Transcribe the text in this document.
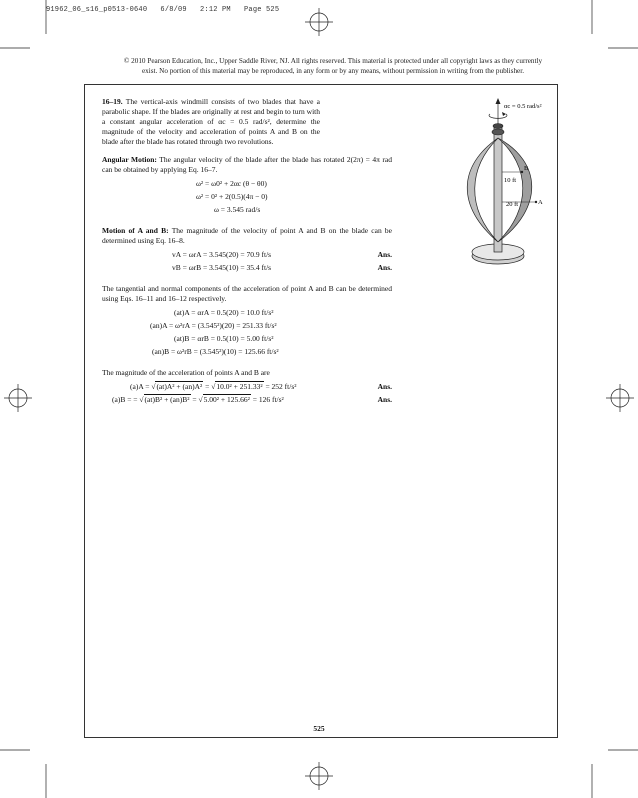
91962_06_s16_p0513-0640   6/8/09   2:12 PM   Page 525
© 2010 Pearson Education, Inc., Upper Saddle River, NJ. All rights reserved. This material is protected under all copyright laws as they currently
exist. No portion of this material may be reproduced, in any form or by any means, without permission in writing from the publisher.

16–19. The vertical-axis windmill consists of two blades that have a parabolic shape. If the blades are originally at rest and begin to turn with a constant angular acceleration of αc = 0.5 rad/s², determine the magnitude of the velocity and acceleration of points A and B on the blade after the blade has rotated through two revolutions.

Angular Motion: The angular velocity of the blade after the blade has rotated 2(2π) = 4π rad can be obtained by applying Eq. 16–7.

ω² = ω0² + 2αc (θ − θ0)
ω² = 0² + 2(0.5)(4π − 0)
ω = 3.545 rad/s

Motion of A and B: The magnitude of the velocity of point A and B on the blade can be determined using Eq. 16–8.

vA = ωrA = 3.545(20) = 70.9 ft/s	Ans.
vB = ωrB = 3.545(10) = 35.4 ft/s	Ans.

The tangential and normal components of the acceleration of point A and B can be determined using Eqs. 16–11 and 16–12 respectively.

(at)A = αrA = 0.5(20) = 10.0 ft/s²
(an)A = ω²rA = (3.545²)(20) = 251.33 ft/s²
(at)B = αrB = 0.5(10) = 5.00 ft/s²
(an)B = ω²rB = (3.545²)(10) = 125.66 ft/s²

The magnitude of the acceleration of points A and B are

(a)A = √(at)A² + (an)A² = √10.0² + 251.33² = 252 ft/s²	Ans.
(a)B = = √(at)B² + (an)B² = √5.00² + 125.66² = 126 ft/s²	Ans.
αc = 0.5 rad/s²
B
A
10 ft
20 ft
525
